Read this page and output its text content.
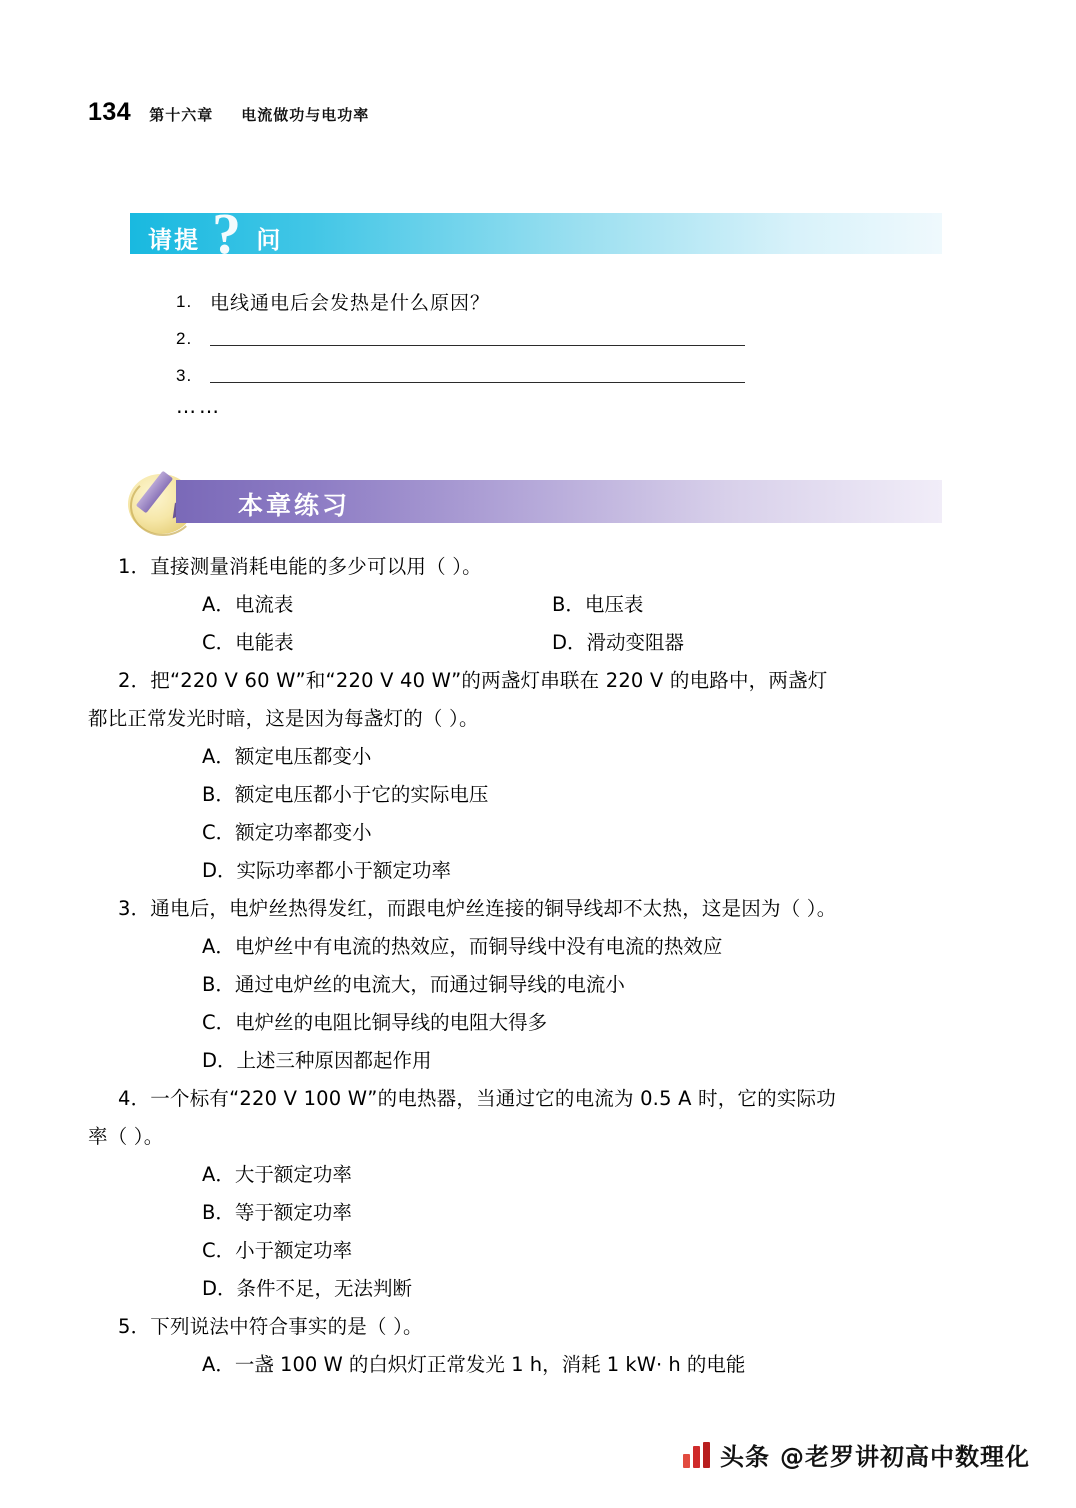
134 第十六章 电流做功与电功率
请提 问
?
1. 电线通电后会发热是什么原因？
2.
3.
……
本章练习
1．直接测量消耗电能的多少可以用（ ）。
A．电流表	B．电压表
C．电能表	D．滑动变阻器
2．把“220 V 60 W”和“220 V 40 W”的两盏灯串联在 220 V 的电路中，两盏灯
都比正常发光时暗，这是因为每盏灯的（ ）。
A．额定电压都变小
B．额定电压都小于它的实际电压
C．额定功率都变小
D．实际功率都小于额定功率
3．通电后，电炉丝热得发红，而跟电炉丝连接的铜导线却不太热，这是因为（ ）。
A．电炉丝中有电流的热效应，而铜导线中没有电流的热效应
B．通过电炉丝的电流大，而通过铜导线的电流小
C．电炉丝的电阻比铜导线的电阻大得多
D．上述三种原因都起作用
4．一个标有“220 V 100 W”的电热器，当通过它的电流为 0.5 A 时，它的实际功
率（ ）。
A．大于额定功率
B．等于额定功率
C．小于额定功率
D．条件不足，无法判断
5．下列说法中符合事实的是（ ）。
A．一盏 100 W 的白炽灯正常发光 1 h，消耗 1 kW· h 的电能
头条 @老罗讲初高中数理化
